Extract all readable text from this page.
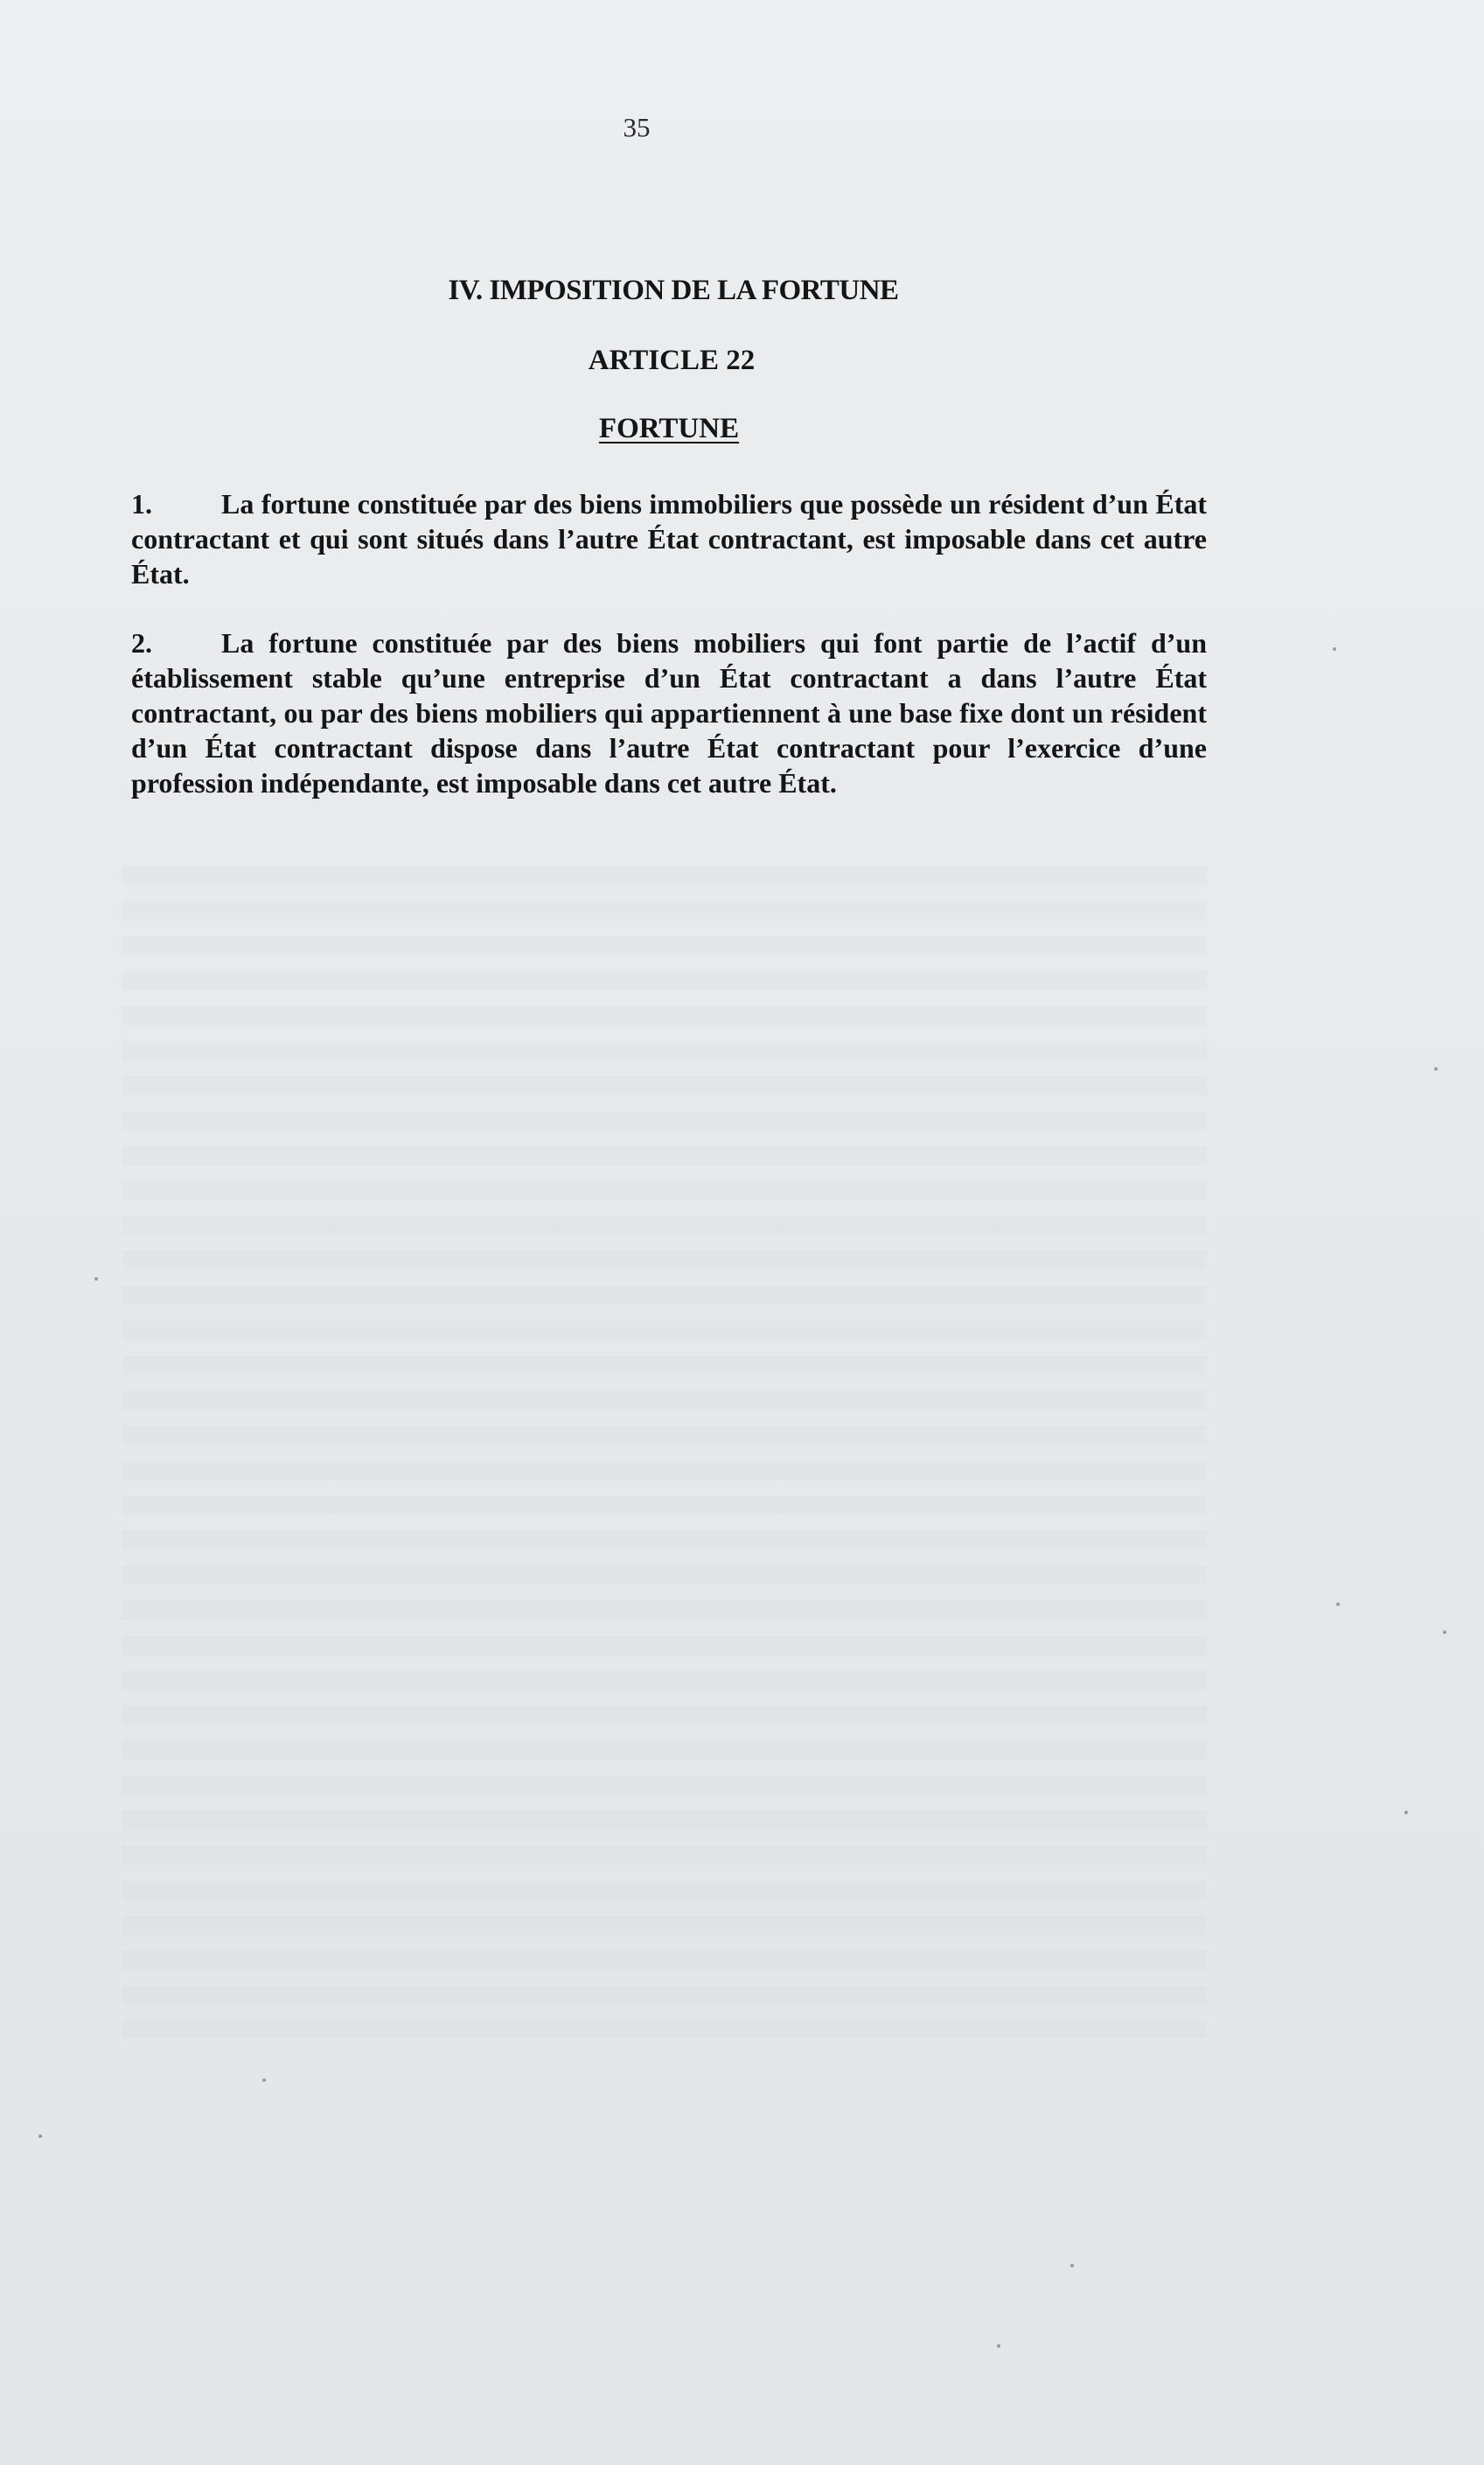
35
IV. IMPOSITION DE LA FORTUNE
ARTICLE 22
FORTUNE

1. La fortune constituée par des biens immobiliers que possède un résident d’un État contractant et qui sont situés dans l’autre État contractant, est imposable dans cet autre État.

2. La fortune constituée par des biens mobiliers qui font partie de l’actif d’un établissement stable qu’une entreprise d’un État contractant a dans l’autre État contractant, ou par des biens mobiliers qui appartiennent à une base fixe dont un résident d’un État contractant dispose dans l’autre État contractant pour l’exercice d’une profession indépendante, est imposable dans cet autre État.
